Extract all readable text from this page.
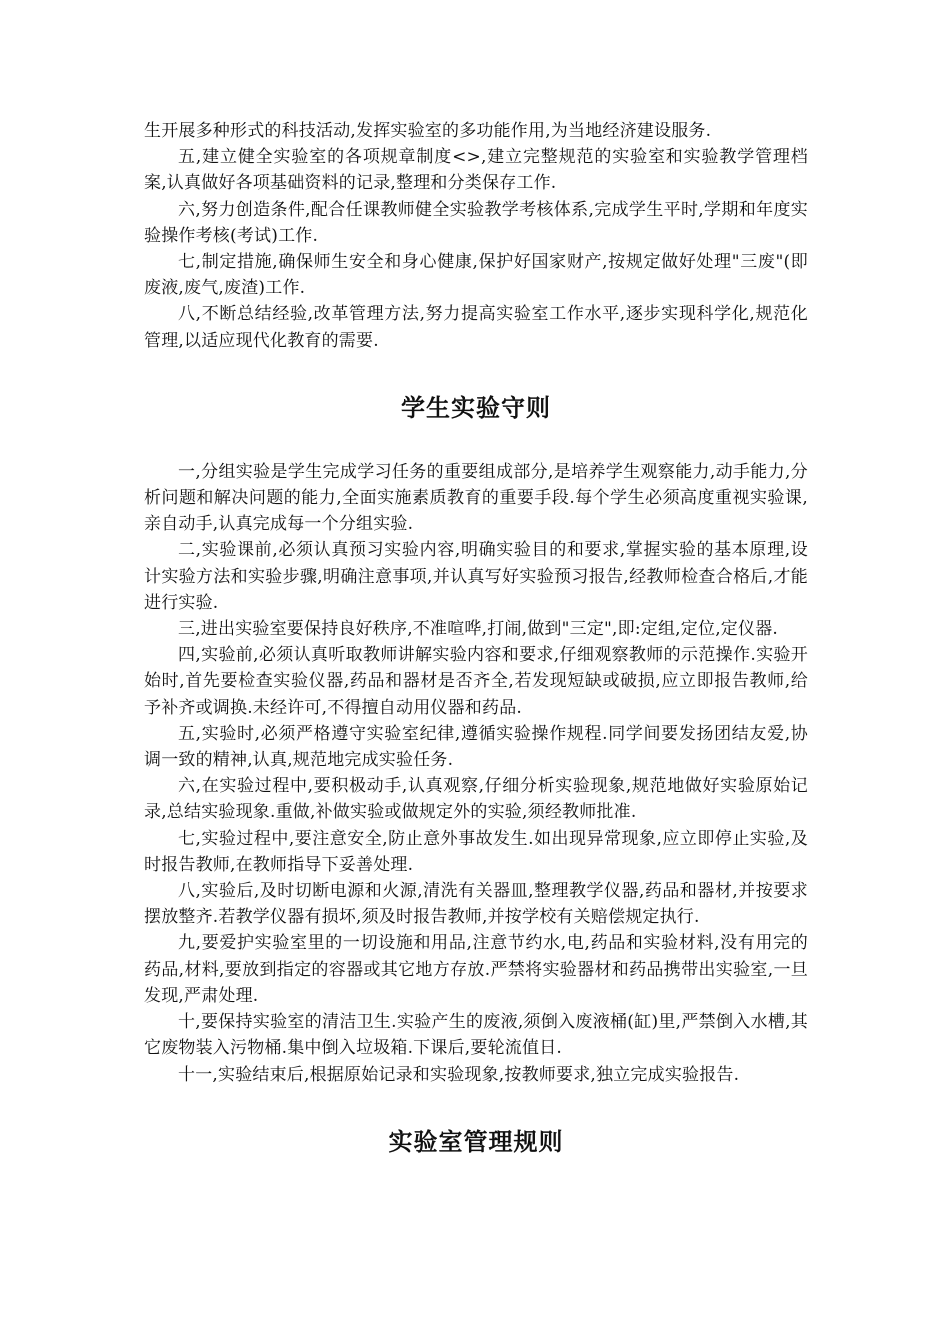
生开展多种形式的科技活动,发挥实验室的多功能作用,为当地经济建设服务.

五,建立健全实验室的各项规章制度<>,建立完整规范的实验室和实验教学管理档案,认真做好各项基础资料的记录,整理和分类保存工作.

六,努力创造条件,配合任课教师健全实验教学考核体系,完成学生平时,学期和年度实验操作考核(考试)工作.

七,制定措施,确保师生安全和身心健康,保护好国家财产,按规定做好处理"三废"(即废液,废气,废渣)工作.

八,不断总结经验,改革管理方法,努力提高实验室工作水平,逐步实现科学化,规范化管理,以适应现代化教育的需要.

学生实验守则

一,分组实验是学生完成学习任务的重要组成部分,是培养学生观察能力,动手能力,分析问题和解决问题的能力,全面实施素质教育的重要手段.每个学生必须高度重视实验课,亲自动手,认真完成每一个分组实验.

二,实验课前,必须认真预习实验内容,明确实验目的和要求,掌握实验的基本原理,设计实验方法和实验步骤,明确注意事项,并认真写好实验预习报告,经教师检查合格后,才能进行实验.

三,进出实验室要保持良好秩序,不准喧哗,打闹,做到"三定",即:定组,定位,定仪器.

四,实验前,必须认真听取教师讲解实验内容和要求,仔细观察教师的示范操作.实验开始时,首先要检查实验仪器,药品和器材是否齐全,若发现短缺或破损,应立即报告教师,给予补齐或调换.未经许可,不得擅自动用仪器和药品.

五,实验时,必须严格遵守实验室纪律,遵循实验操作规程.同学间要发扬团结友爱,协调一致的精神,认真,规范地完成实验任务.

六,在实验过程中,要积极动手,认真观察,仔细分析实验现象,规范地做好实验原始记录,总结实验现象.重做,补做实验或做规定外的实验,须经教师批准.

七,实验过程中,要注意安全,防止意外事故发生.如出现异常现象,应立即停止实验,及时报告教师,在教师指导下妥善处理.

八,实验后,及时切断电源和火源,清洗有关器皿,整理教学仪器,药品和器材,并按要求摆放整齐.若教学仪器有损坏,须及时报告教师,并按学校有关赔偿规定执行.

九,要爱护实验室里的一切设施和用品,注意节约水,电,药品和实验材料,没有用完的药品,材料,要放到指定的容器或其它地方存放.严禁将实验器材和药品携带出实验室,一旦发现,严肃处理.

十,要保持实验室的清洁卫生.实验产生的废液,须倒入废液桶(缸)里,严禁倒入水槽,其它废物装入污物桶.集中倒入垃圾箱.下课后,要轮流值日.

十一,实验结束后,根据原始记录和实验现象,按教师要求,独立完成实验报告.

实验室管理规则
